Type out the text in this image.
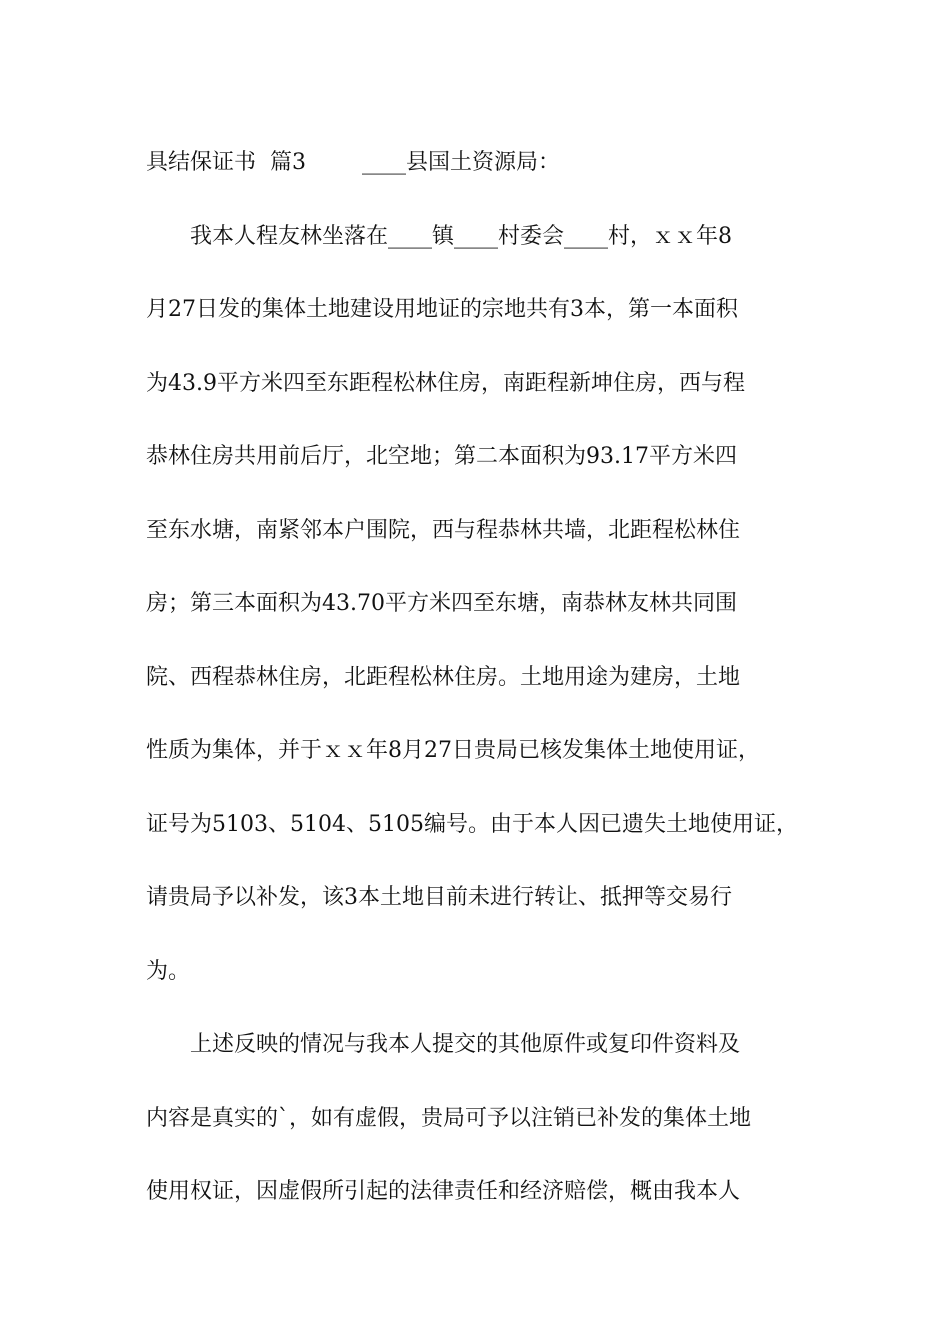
具结保证书  篇3	____县国土资源局：
　　我本人程友林坐落在____镇____村委会____村，ｘｘ年8
月27日发的集体土地建设用地证的宗地共有3本，第一本面积
为43.9平方米四至东距程松林住房，南距程新坤住房，西与程
恭林住房共用前后厅，北空地；第二本面积为93.17平方米四
至东水塘，南紧邻本户围院，西与程恭林共墙，北距程松林住
房；第三本面积为43.70平方米四至东塘，南恭林友林共同围
院、西程恭林住房，北距程松林住房。土地用途为建房，土地
性质为集体，并于ｘｘ年8月27日贵局已核发集体土地使用证，
证号为5103、5104、5105编号。由于本人因已遗失土地使用证，
请贵局予以补发，该3本土地目前未进行转让、抵押等交易行
为。
　　上述反映的情况与我本人提交的其他原件或复印件资料及
内容是真实的`，如有虚假，贵局可予以注销已补发的集体土地
使用权证，因虚假所引起的法律责任和经济赔偿，概由我本人
